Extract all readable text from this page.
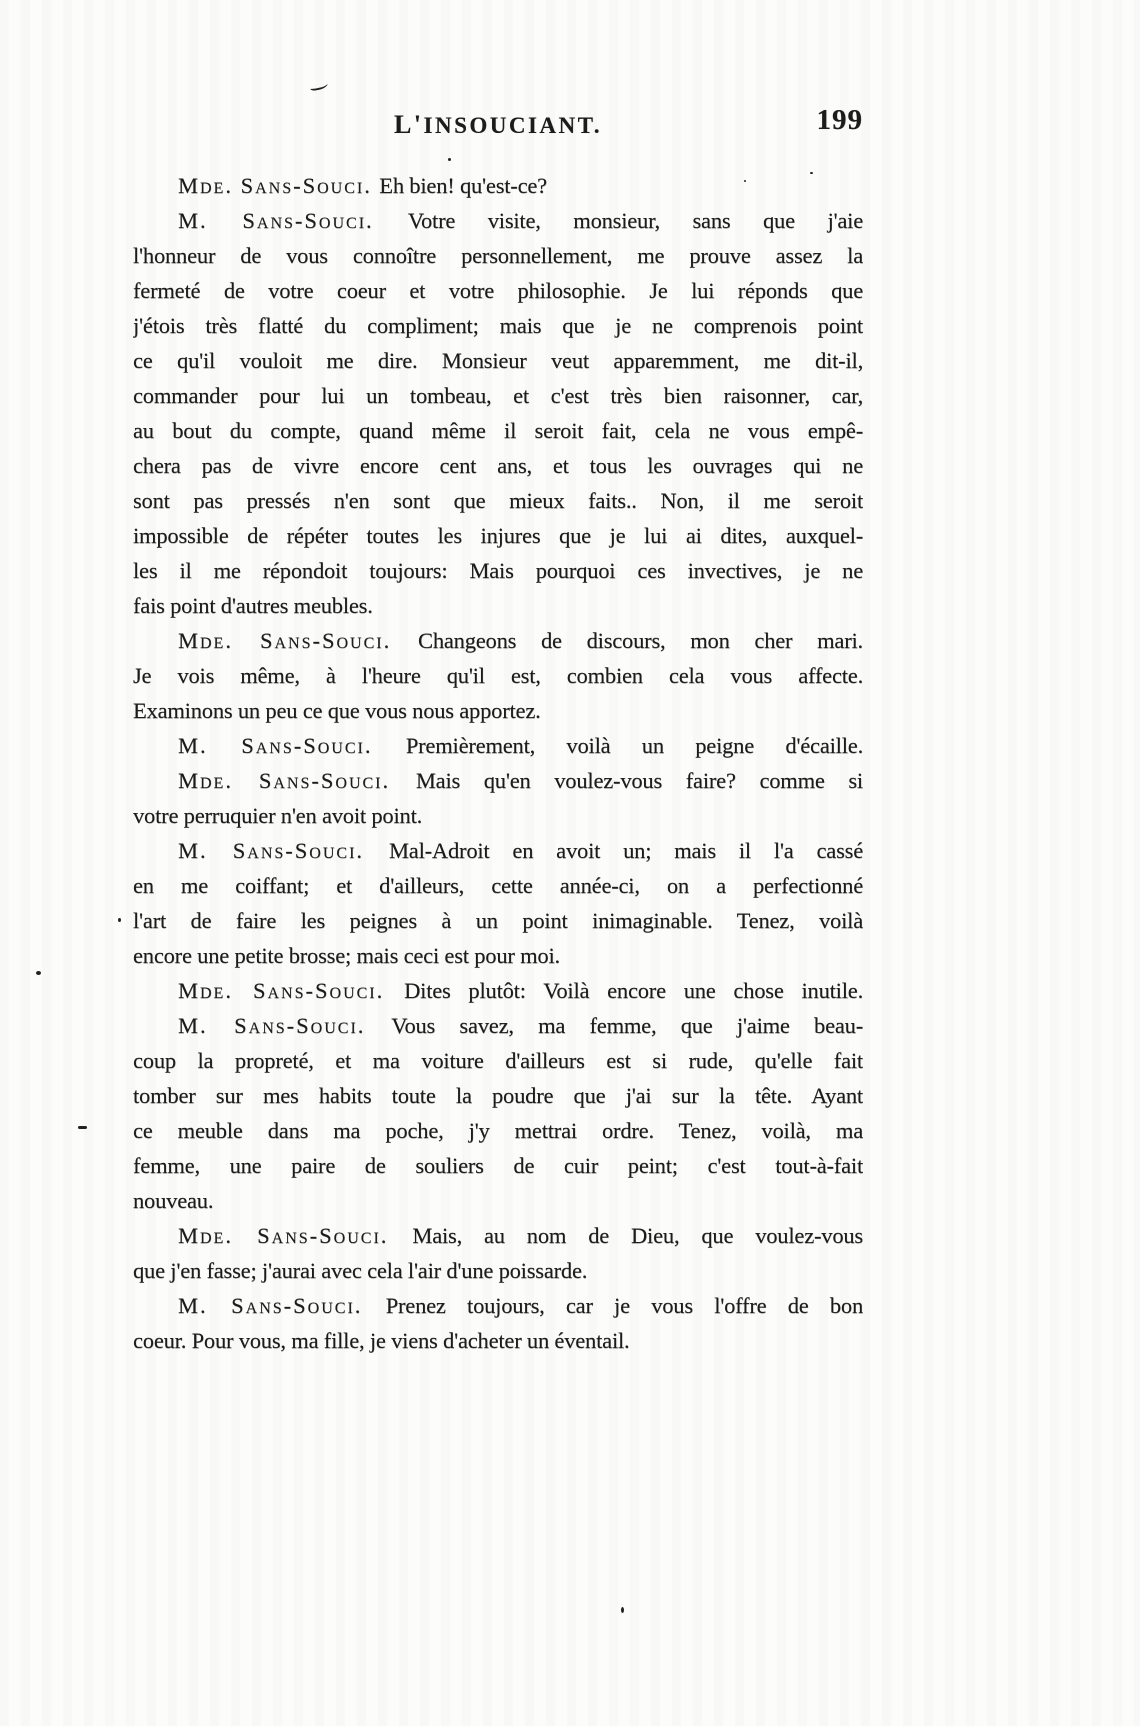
L'INSOUCIANT.	199
Mde. Sans-Souci. Eh bien! qu'est-ce?
M. Sans-Souci. Votre visite, monsieur, sans que j'aie
l'honneur de vous connoître personnellement, me prouve assez la
fermeté de votre coeur et votre philosophie. Je lui réponds que
j'étois très flatté du compliment; mais que je ne comprenois point
ce qu'il vouloit me dire. Monsieur veut apparemment, me dit-il,
commander pour lui un tombeau, et c'est très bien raisonner, car,
au bout du compte, quand même il seroit fait, cela ne vous empê-
chera pas de vivre encore cent ans, et tous les ouvrages qui ne
sont pas pressés n'en sont que mieux faits.. Non, il me seroit
impossible de répéter toutes les injures que je lui ai dites, auxquel-
les il me répondoit toujours: Mais pourquoi ces invectives, je ne
fais point d'autres meubles.
Mde. Sans-Souci. Changeons de discours, mon cher mari.
Je vois même, à l'heure qu'il est, combien cela vous affecte.
Examinons un peu ce que vous nous apportez.
M. Sans-Souci. Premièrement, voilà un peigne d'écaille.
Mde. Sans-Souci. Mais qu'en voulez-vous faire? comme si
votre perruquier n'en avoit point.
M. Sans-Souci. Mal-Adroit en avoit un; mais il l'a cassé
en me coiffant; et d'ailleurs, cette année-ci, on a perfectionné
l'art de faire les peignes à un point inimaginable. Tenez, voilà
encore une petite brosse; mais ceci est pour moi.
Mde. Sans-Souci. Dites plutôt: Voilà encore une chose inutile.
M. Sans-Souci. Vous savez, ma femme, que j'aime beau-
coup la propreté, et ma voiture d'ailleurs est si rude, qu'elle fait
tomber sur mes habits toute la poudre que j'ai sur la tête. Ayant
ce meuble dans ma poche, j'y mettrai ordre. Tenez, voilà, ma
femme, une paire de souliers de cuir peint; c'est tout-à-fait
nouveau.
Mde. Sans-Souci. Mais, au nom de Dieu, que voulez-vous
que j'en fasse; j'aurai avec cela l'air d'une poissarde.
M. Sans-Souci. Prenez toujours, car je vous l'offre de bon
coeur. Pour vous, ma fille, je viens d'acheter un éventail.
